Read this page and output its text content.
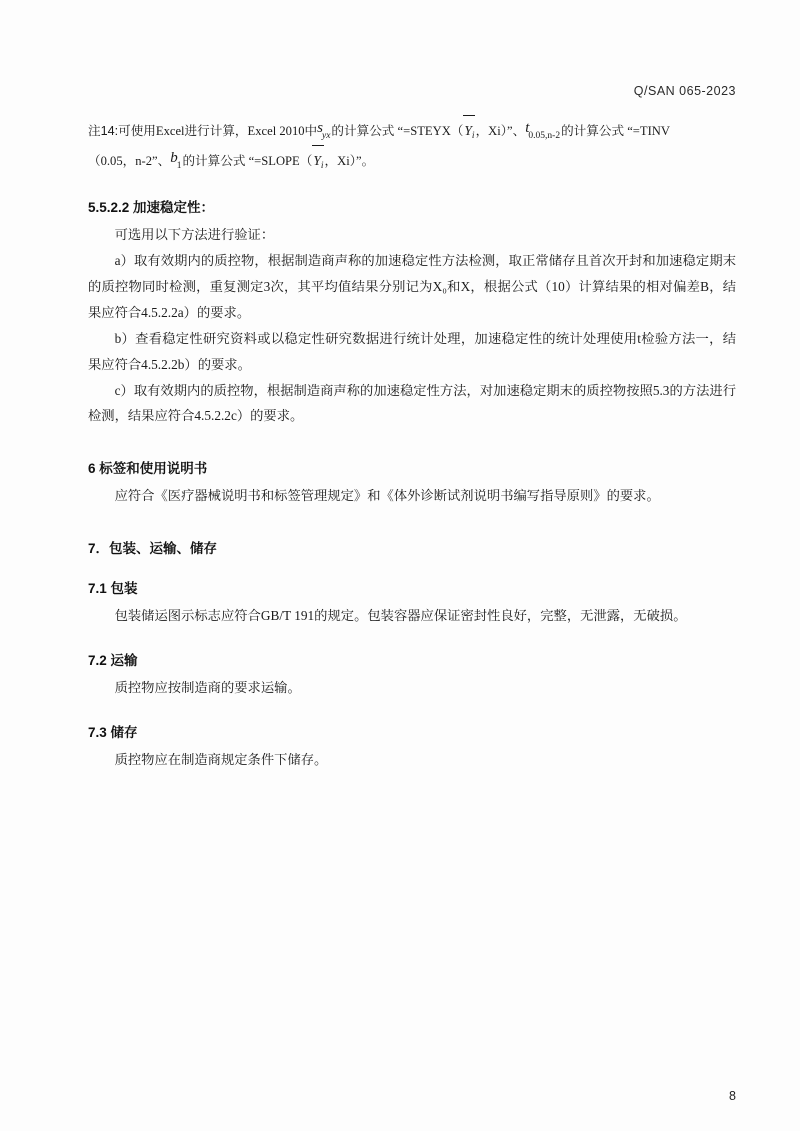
Q/SAN 065-2023
注14:可使用Excel进行计算，Excel 2010中$s_{yx}$的计算公式 “$=STEYX(Y_i$，Xi）”、$t_{0.05,n-2}$的计算公式 “=TINV
（0.05，n-2”、$b_1$的计算公式 “$=SLOPE(Y_i$，Xi）”。
5.5.2.2 加速稳定性：

可选用以下方法进行验证：

a）取有效期内的质控物，根据制造商声称的加速稳定性方法检测，取正常储存且首次开封和加速稳定期末的质控物同时检测，重复测定3次，其平均值结果分别记为X₀和X，根据公式（10）计算结果的相对偏差B，结果应符合4.5.2.2a）的要求。

b）查看稳定性研究资料或以稳定性研究数据进行统计处理，加速稳定性的统计处理使用t检验方法一，结果应符合4.5.2.2b）的要求。

c）取有效期内的质控物，根据制造商声称的加速稳定性方法，对加速稳定期末的质控物按照5.3的方法进行检测，结果应符合4.5.2.2c）的要求。

6 标签和使用说明书

应符合《医疗器械说明书和标签管理规定》和《体外诊断试剂说明书编写指导原则》的要求。

7．包装、运输、储存
7.1 包装

包装储运图示标志应符合GB/T 191的规定。包装容器应保证密封性良好，完整，无泄露，无破损。

7.2 运输

质控物应按制造商的要求运输。

7.3 储存

质控物应在制造商规定条件下储存。

8
